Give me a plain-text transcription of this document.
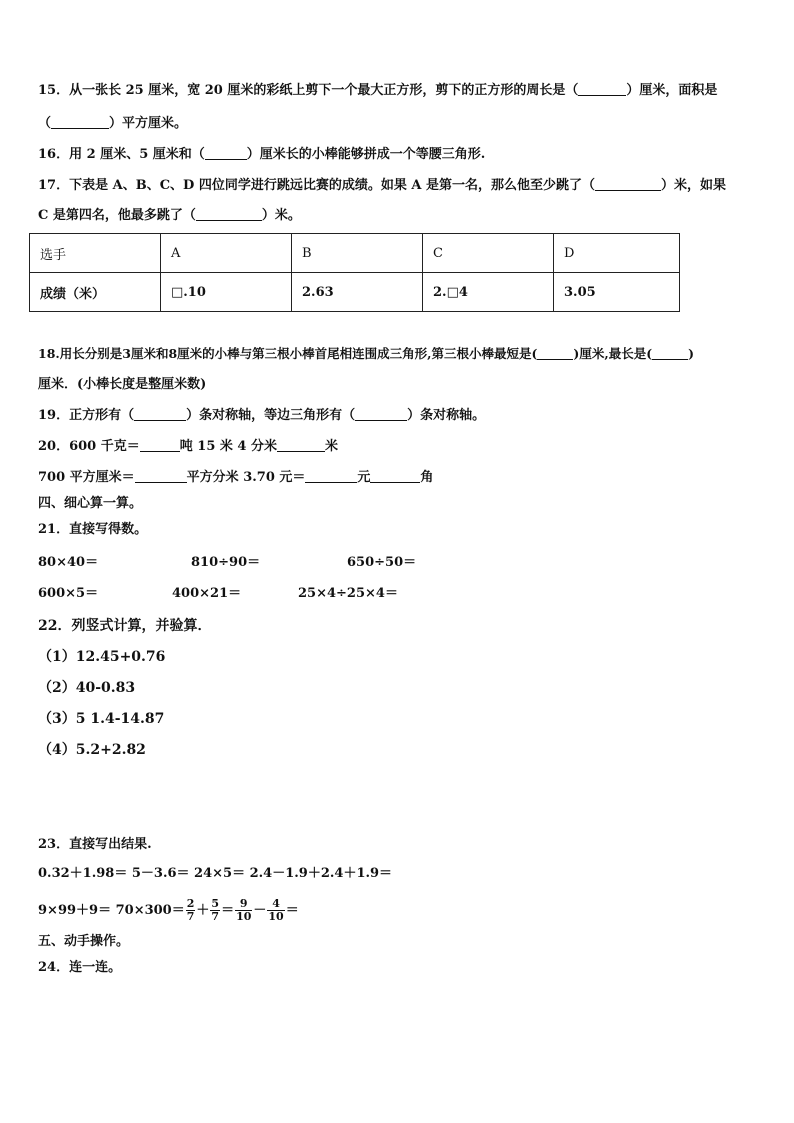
15．从一张长 25 厘米，宽 20 厘米的彩纸上剪下一个最大正方形，剪下的正方形的周长是（	）厘米，面积是
（	）平方厘米。
16．用 2 厘米、5 厘米和（	）厘米长的小棒能够拼成一个等腰三角形.
17．下表是 A、B、C、D 四位同学进行跳远比赛的成绩。如果 A 是第一名，那么他至少跳了（	）米，如果
C 是第四名，他最多跳了（	）米。
选手	A	B	C	D
成绩（米）	□.10	2.63	2.□4	3.05
18.用长分别是3厘米和8厘米的小棒与第三根小棒首尾相连围成三角形,第三根小棒最短是(	)厘米,最长是(	)
厘米．(小棒长度是整厘米数)
19．正方形有（	）条对称轴，等边三角形有（	）条对称轴。
20．600 千克＝	吨 15 米 4 分米	米
700 平方厘米＝	平方分米 3.70 元＝	元	角
四、细心算一算。
21．直接写得数。
80×40＝	810÷90＝	650÷50＝
600×5＝	400×21＝	25×4÷25×4＝
22．列竖式计算，并验算．
（1）12.45+0.76
（2）40-0.83
（3）5 1.4-14.87
（4）5.2+2.82
23．直接写出结果.
0.32＋1.98＝ 5－3.6＝ 24×5＝ 2.4－1.9＋2.4＋1.9＝
$9\times 99+9= 70\times 300= \frac{2}{7} + \frac{5}{7} = \frac{9}{10} - \frac{4}{10}$ ＝
五、动手操作。
24．连一连。
